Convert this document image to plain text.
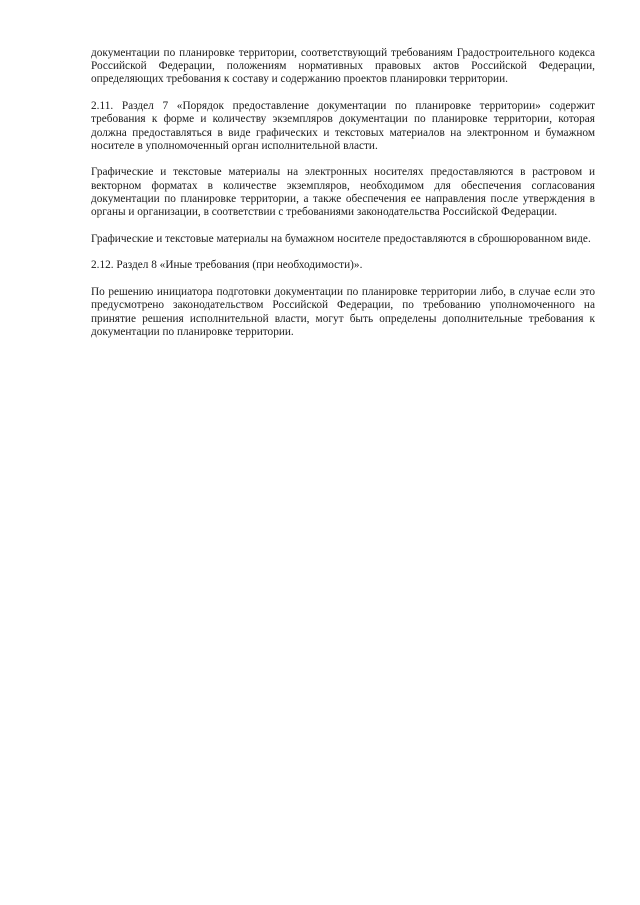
документации по планировке территории, соответствующий требованиям Градостроительного кодекса Российской Федерации, положениям нормативных правовых актов Российской Федерации, определяющих требования к составу и содержанию проектов планировки территории.

2.11. Раздел 7 «Порядок предоставление документации по планировке территории» содержит требования к форме и количеству экземпляров документации по планировке территории, которая должна предоставляться в виде графических и текстовых материалов на электронном и бумажном носителе в уполномоченный орган исполнительной власти.

Графические и текстовые материалы на электронных носителях предоставляются в растровом и векторном форматах в количестве экземпляров, необходимом для обеспечения согласования документации по планировке территории, а также обеспечения ее направления после утверждения в органы и организации, в соответствии с требованиями законодательства Российской Федерации.

Графические и текстовые материалы на бумажном носителе предоставляются в сброшюрованном виде.

2.12. Раздел 8 «Иные требования (при необходимости)».

По решению инициатора подготовки документации по планировке территории либо, в случае если это предусмотрено законодательством Российской Федерации, по требованию уполномоченного на принятие решения исполнительной власти, могут быть определены дополнительные требования к документации по планировке территории.
